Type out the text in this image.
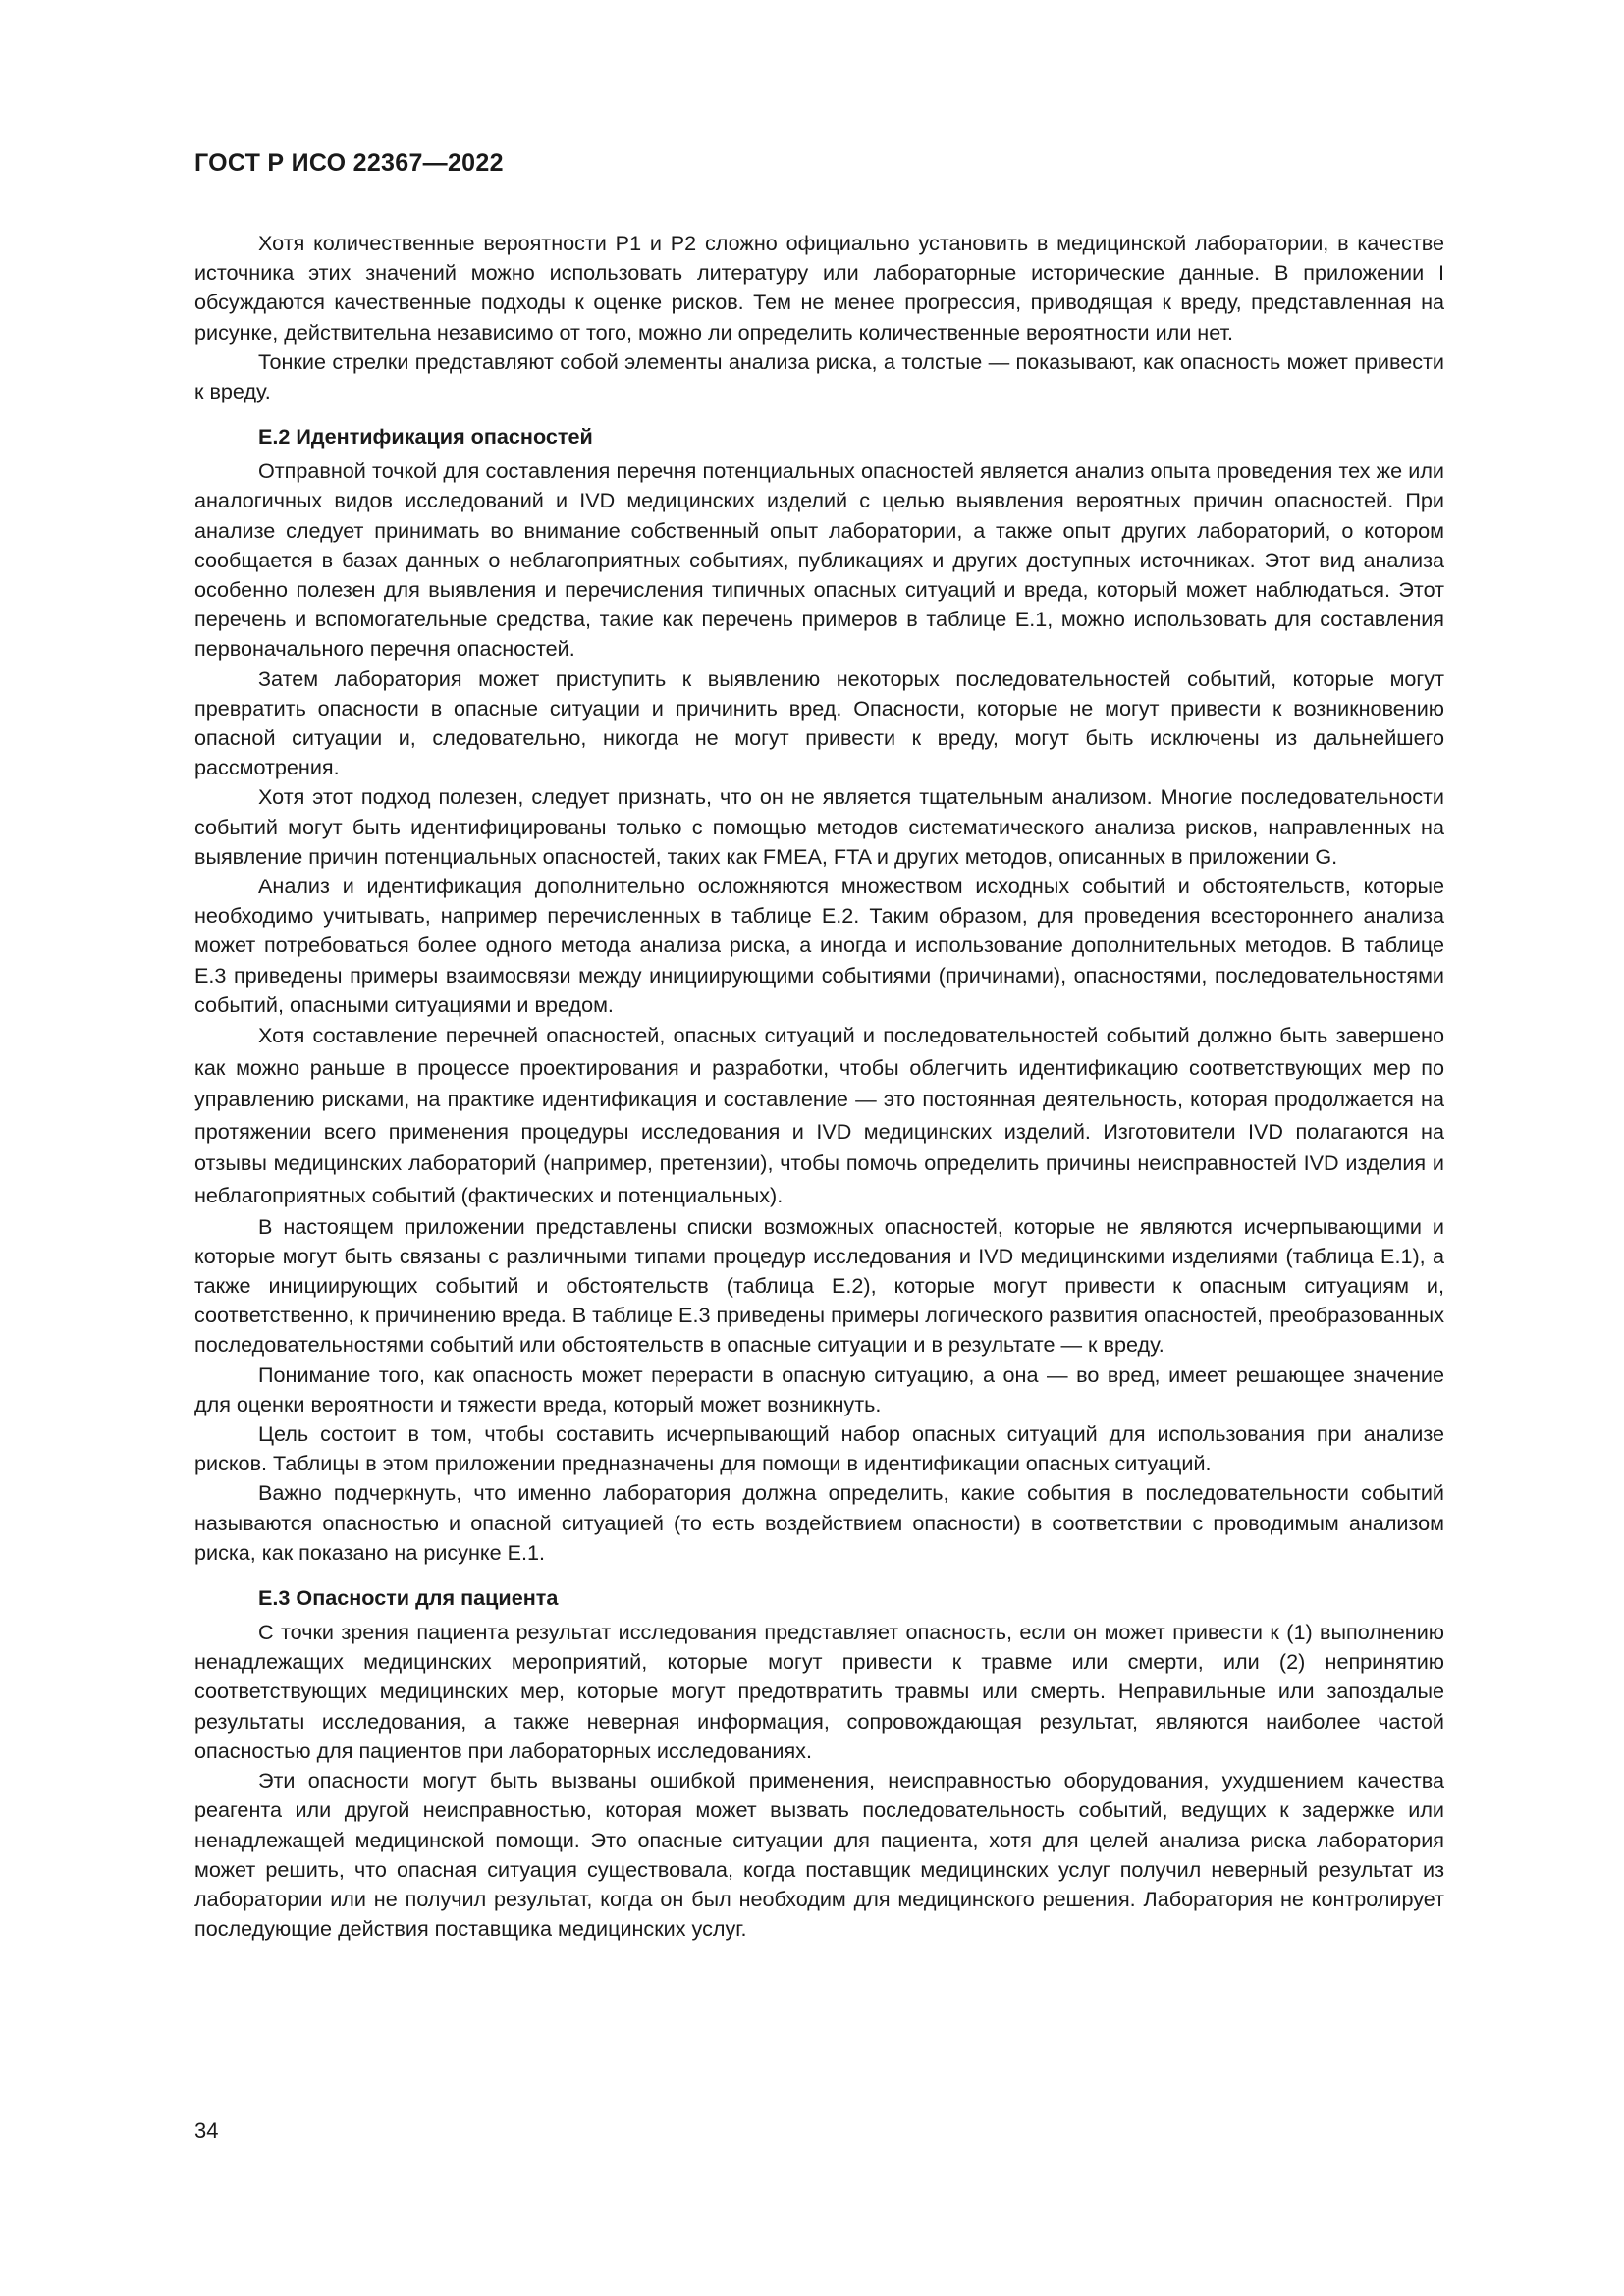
ГОСТ Р ИСО 22367—2022

Хотя количественные вероятности P1 и P2 сложно официально установить в медицинской лаборатории, в качестве источника этих значений можно использовать литературу или лабораторные исторические данные. В приложении I обсуждаются качественные подходы к оценке рисков. Тем не менее прогрессия, приводящая к вреду, представленная на рисунке, действительна независимо от того, можно ли определить количественные вероятности или нет.

Тонкие стрелки представляют собой элементы анализа риска, а толстые — показывают, как опасность может привести к вреду.

Е.2 Идентификация опасностей

Отправной точкой для составления перечня потенциальных опасностей является анализ опыта проведения тех же или аналогичных видов исследований и IVD медицинских изделий с целью выявления вероятных причин опасностей. При анализе следует принимать во внимание собственный опыт лаборатории, а также опыт других лабораторий, о котором сообщается в базах данных о неблагоприятных событиях, публикациях и других доступных источниках. Этот вид анализа особенно полезен для выявления и перечисления типичных опасных ситуаций и вреда, который может наблюдаться. Этот перечень и вспомогательные средства, такие как перечень примеров в таблице Е.1, можно использовать для составления первоначального перечня опасностей.

Затем лаборатория может приступить к выявлению некоторых последовательностей событий, которые могут превратить опасности в опасные ситуации и причинить вред. Опасности, которые не могут привести к возникновению опасной ситуации и, следовательно, никогда не могут привести к вреду, могут быть исключены из дальнейшего рассмотрения.

Хотя этот подход полезен, следует признать, что он не является тщательным анализом. Многие последовательности событий могут быть идентифицированы только с помощью методов систематического анализа рисков, направленных на выявление причин потенциальных опасностей, таких как FMEA, FTA и других методов, описанных в приложении G.

Анализ и идентификация дополнительно осложняются множеством исходных событий и обстоятельств, которые необходимо учитывать, например перечисленных в таблице Е.2. Таким образом, для проведения всестороннего анализа может потребоваться более одного метода анализа риска, а иногда и использование дополнительных методов. В таблице Е.3 приведены примеры взаимосвязи между инициирующими событиями (причинами), опасностями, последовательностями событий, опасными ситуациями и вредом.

Хотя составление перечней опасностей, опасных ситуаций и последовательностей событий должно быть завершено как можно раньше в процессе проектирования и разработки, чтобы облегчить идентификацию соответствующих мер по управлению рисками, на практике идентификация и составление — это постоянная деятельность, которая продолжается на протяжении всего применения процедуры исследования и IVD медицинских изделий. Изготовители IVD полагаются на отзывы медицинских лабораторий (например, претензии), чтобы помочь определить причины неисправностей IVD изделия и неблагоприятных событий (фактических и потенциальных).

В настоящем приложении представлены списки возможных опасностей, которые не являются исчерпывающими и которые могут быть связаны с различными типами процедур исследования и IVD медицинскими изделиями (таблица Е.1), а также инициирующих событий и обстоятельств (таблица Е.2), которые могут привести к опасным ситуациям и, соответственно, к причинению вреда. В таблице Е.3 приведены примеры логического развития опасностей, преобразованных последовательностями событий или обстоятельств в опасные ситуации и в результате — к вреду.

Понимание того, как опасность может перерасти в опасную ситуацию, а она — во вред, имеет решающее значение для оценки вероятности и тяжести вреда, который может возникнуть.

Цель состоит в том, чтобы составить исчерпывающий набор опасных ситуаций для использования при анализе рисков. Таблицы в этом приложении предназначены для помощи в идентификации опасных ситуаций.

Важно подчеркнуть, что именно лаборатория должна определить, какие события в последовательности событий называются опасностью и опасной ситуацией (то есть воздействием опасности) в соответствии с проводимым анализом риска, как показано на рисунке Е.1.

Е.3 Опасности для пациента

С точки зрения пациента результат исследования представляет опасность, если он может привести к (1) выполнению ненадлежащих медицинских мероприятий, которые могут привести к травме или смерти, или (2) непринятию соответствующих медицинских мер, которые могут предотвратить травмы или смерть. Неправильные или запоздалые результаты исследования, а также неверная информация, сопровождающая результат, являются наиболее частой опасностью для пациентов при лабораторных исследованиях.

Эти опасности могут быть вызваны ошибкой применения, неисправностью оборудования, ухудшением качества реагента или другой неисправностью, которая может вызвать последовательность событий, ведущих к задержке или ненадлежащей медицинской помощи. Это опасные ситуации для пациента, хотя для целей анализа риска лаборатория может решить, что опасная ситуация существовала, когда поставщик медицинских услуг получил неверный результат из лаборатории или не получил результат, когда он был необходим для медицинского решения. Лаборатория не контролирует последующие действия поставщика медицинских услуг.

34
